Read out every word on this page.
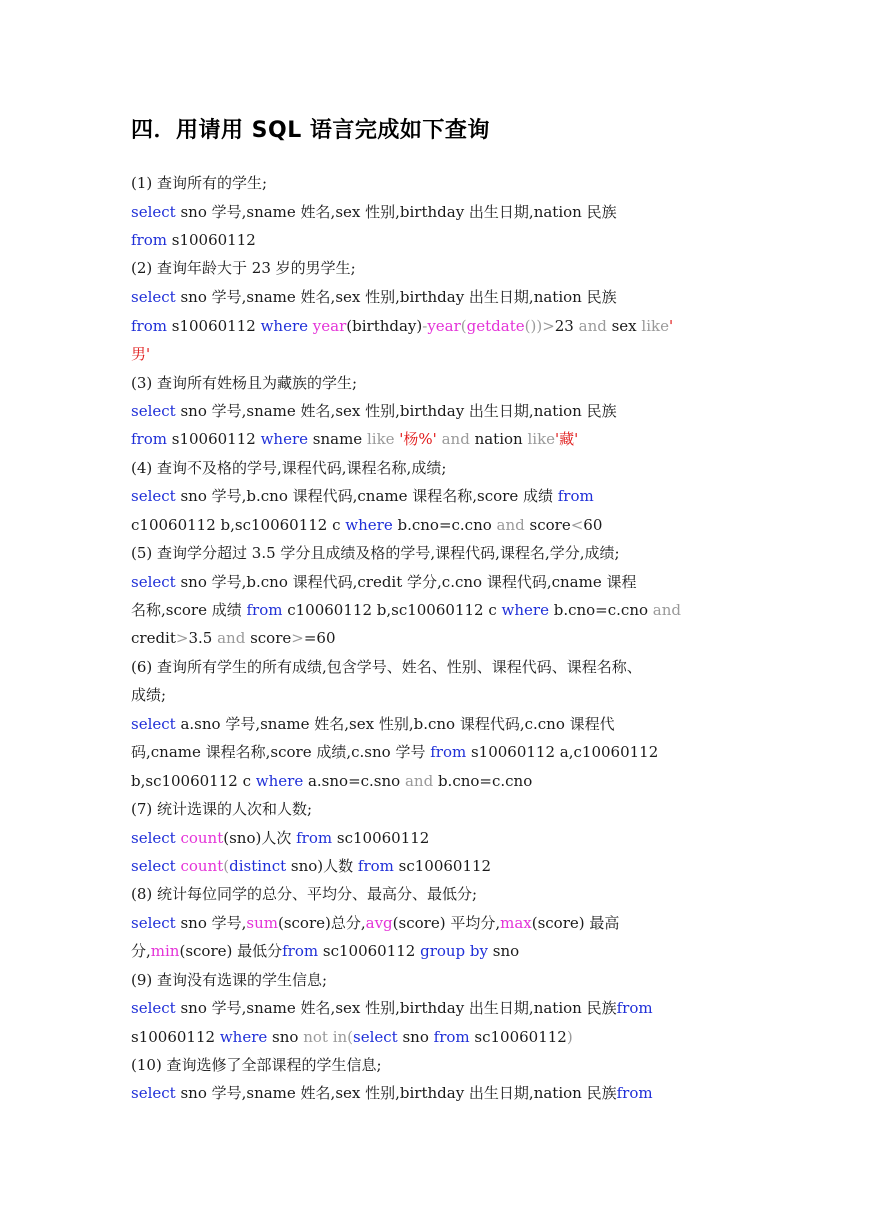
四．用请用 SQL 语言完成如下查询
(1) 查询所有的学生;
select sno 学号,sname 姓名,sex 性别,birthday 出生日期,nation 民族
from s10060112
(2) 查询年龄大于 23 岁的男学生;
select sno 学号,sname 姓名,sex 性别,birthday 出生日期,nation 民族
from s10060112 where year(birthday)-year(getdate())>23 and sex like'
男'
(3) 查询所有姓杨且为藏族的学生;
select sno 学号,sname 姓名,sex 性别,birthday 出生日期,nation 民族
from s10060112 where sname like '杨%' and nation like'藏'
(4) 查询不及格的学号,课程代码,课程名称,成绩;
select sno 学号,b.cno 课程代码,cname 课程名称,score 成绩 from
c10060112 b,sc10060112 c where b.cno=c.cno and score<60
(5) 查询学分超过 3.5 学分且成绩及格的学号,课程代码,课程名,学分,成绩;
select sno 学号,b.cno 课程代码,credit 学分,c.cno 课程代码,cname 课程
名称,score 成绩 from c10060112 b,sc10060112 c where b.cno=c.cno and
credit>3.5 and score>=60
(6) 查询所有学生的所有成绩,包含学号、姓名、性别、课程代码、课程名称、
成绩;
select a.sno 学号,sname 姓名,sex 性别,b.cno 课程代码,c.cno 课程代
码,cname 课程名称,score 成绩,c.sno 学号 from s10060112 a,c10060112
b,sc10060112 c where a.sno=c.sno and b.cno=c.cno
(7) 统计选课的人次和人数;
select count(sno)人次 from sc10060112
select count(distinct sno)人数 from sc10060112
(8) 统计每位同学的总分、平均分、最高分、最低分;
select sno 学号,sum(score)总分,avg(score) 平均分,max(score) 最高
分,min(score) 最低分from sc10060112 group by sno
(9) 查询没有选课的学生信息;
select sno 学号,sname 姓名,sex 性别,birthday 出生日期,nation 民族from
s10060112 where sno not in(select sno from sc10060112)
(10) 查询选修了全部课程的学生信息;
select sno 学号,sname 姓名,sex 性别,birthday 出生日期,nation 民族from
